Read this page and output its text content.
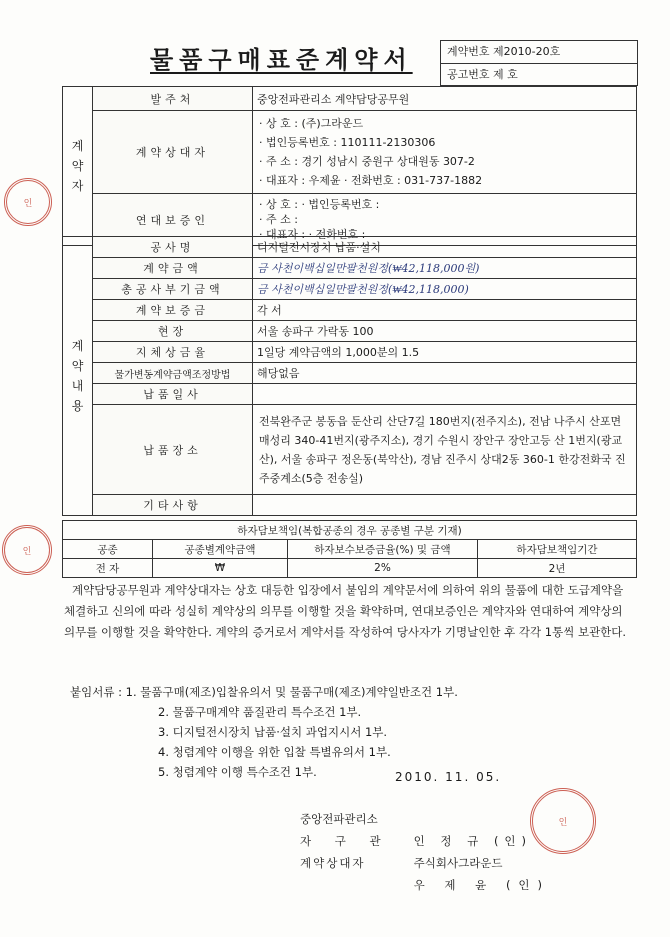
물품구매표준계약서	계약번호 제2010-20호
공고번호 제 호
계약자	발주처	중앙전파관리소 계약담당공무원
	계약상대자	· 상 호 : (주)그라운드
· 법인등록번호 : 110111-2130306
· 주 소 : 경기 성남시 중원구 상대원동 307-2
· 대표자 : 우제윤 · 전화번호 : 031-737-1882

	연대보증인	· 상 호 : · 법인등록번호 :
· 주 소 :
· 대표자 : · 전화번호 :
계약내용	공사명	디지털전시장치 납품·설치
	계약금액	금 사천이백십일만팔천원정(₩42,118,000원)
	총공사부기금액	금 사천이백십일만팔천원정(₩42,118,000)
	계약보증금	각 서
	현장	서울 송파구 가락동 100
	지체상금율	1일당 계약금액의 1,000분의 1.5
	물가변동계약금액조정방법	해당없음
	납품일사	
	납품장소	전북완주군 봉동읍 둔산리 산단7길 180번지(전주지소), 전남 나주시 산포면 매성리 340-41번지(광주지소), 경기 수원시 장안구 장안고등 산 1번지(광교산), 서울 송파구 정은동(북악산), 경남 진주시 상대2동 360-1 한강전화국 진주중계소(5층 전송실)
	기타사항	
하자담보책임(복합공종의 경우 공종별 구분 기재)			
공종	공종별계약금액	하자보수보증금율(%) 및 금액	하자담보책임기간
전 자	₩	2%	2년
계약담당공무원과 계약상대자는 상호 대등한 입장에서 붙임의 계약문서에 의하여 위의 물품에 대한 도급계약을 체결하고 신의에 따라 성실히 계약상의 의무를 이행할 것을 확약하며, 연대보증인은 계약자와 연대하여 계약상의 의무를 이행할 것을 확약한다. 계약의 증거로서 계약서를 작성하여 당사자가 기명날인한 후 각각 1통씩 보관한다.
붙임서류 : 1. 물품구매(제조)입찰유의서 및 물품구매(제조)계약일반조건 1부.
2. 물품구매계약 품질관리 특수조건 1부.
3. 디지털전시장치 납품·설치 과업지시서 1부.
4. 청렴계약 이행을 위한 입찰 특별유의서 1부.
5. 청렴계약 이행 특수조건 1부.	2010. 11. 05.
중앙전파관리소
자 구 관 인 정 규 (인)
계약상대자	주식회사그라운드
우 제 윤 (인)
인
인
인
